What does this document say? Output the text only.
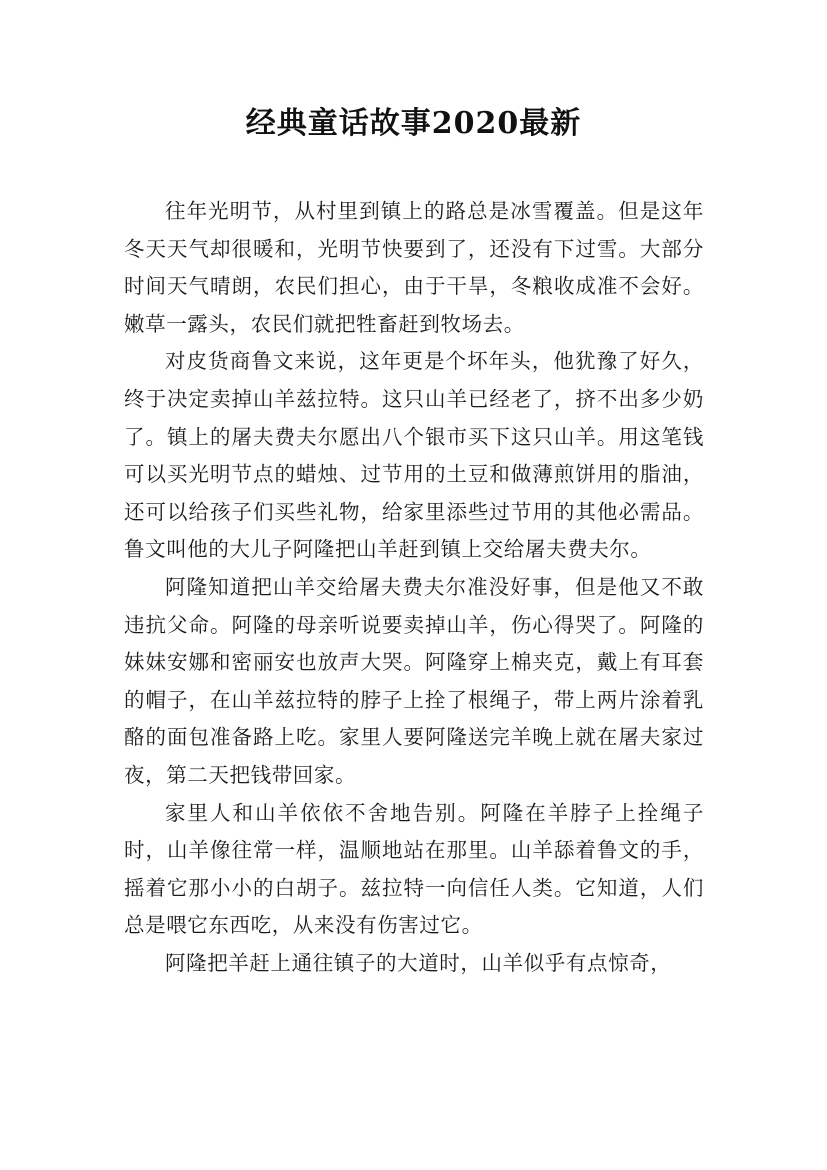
经典童话故事2020最新

往年光明节，从村里到镇上的路总是冰雪覆盖。但是这年冬天天气却很暖和，光明节快要到了，还没有下过雪。大部分时间天气晴朗，农民们担心，由于干旱，冬粮收成准不会好。嫩草一露头，农民们就把牲畜赶到牧场去。

对皮货商鲁文来说，这年更是个坏年头，他犹豫了好久，终于决定卖掉山羊兹拉特。这只山羊已经老了，挤不出多少奶了。镇上的屠夫费夫尔愿出八个银市买下这只山羊。用这笔钱可以买光明节点的蜡烛、过节用的土豆和做薄煎饼用的脂油，还可以给孩子们买些礼物，给家里添些过节用的其他必需品。鲁文叫他的大儿子阿隆把山羊赶到镇上交给屠夫费夫尔。

阿隆知道把山羊交给屠夫费夫尔准没好事，但是他又不敢违抗父命。阿隆的母亲听说要卖掉山羊，伤心得哭了。阿隆的妹妹安娜和密丽安也放声大哭。阿隆穿上棉夹克，戴上有耳套的帽子，在山羊兹拉特的脖子上拴了根绳子，带上两片涂着乳酪的面包准备路上吃。家里人要阿隆送完羊晚上就在屠夫家过夜，第二天把钱带回家。

家里人和山羊依依不舍地告别。阿隆在羊脖子上拴绳子时，山羊像往常一样，温顺地站在那里。山羊舔着鲁文的手，摇着它那小小的白胡子。兹拉特一向信任人类。它知道，人们总是喂它东西吃，从来没有伤害过它。

阿隆把羊赶上通往镇子的大道时，山羊似乎有点惊奇，
